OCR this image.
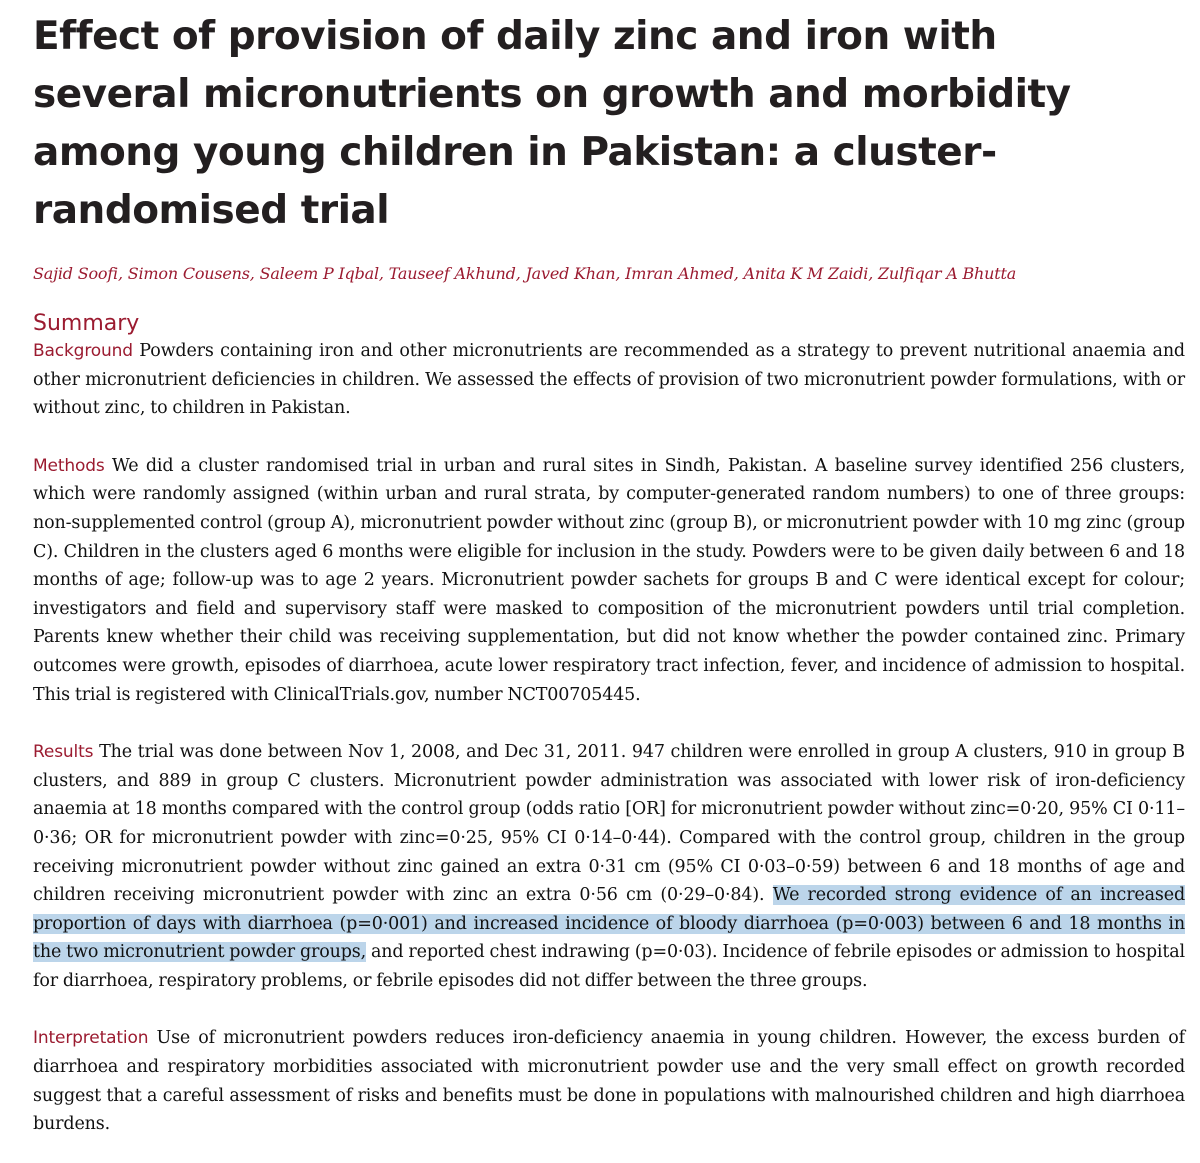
Effect of provision of daily zinc and iron with several micronutrients on growth and morbidity among young children in Pakistan: a cluster-randomised trial
Sajid Soofi, Simon Cousens, Saleem P Iqbal, Tauseef Akhund, Javed Khan, Imran Ahmed, Anita K M Zaidi, Zulfiqar A Bhutta
Summary

Background Powders containing iron and other micronutrients are recommended as a strategy to prevent nutritional anaemia and other micronutrient deficiencies in children. We assessed the effects of provision of two micronutrient powder formulations, with or without zinc, to children in Pakistan.

Methods We did a cluster randomised trial in urban and rural sites in Sindh, Pakistan. A baseline survey identified 256 clusters, which were randomly assigned (within urban and rural strata, by computer-generated random numbers) to one of three groups: non-supplemented control (group A), micronutrient powder without zinc (group B), or micronutrient powder with 10 mg zinc (group C). Children in the clusters aged 6 months were eligible for inclusion in the study. Powders were to be given daily between 6 and 18 months of age; follow-up was to age 2 years. Micronutrient powder sachets for groups B and C were identical except for colour; investigators and field and supervisory staff were masked to composition of the micronutrient powders until trial completion. Parents knew whether their child was receiving supplementation, but did not know whether the powder contained zinc. Primary outcomes were growth, episodes of diarrhoea, acute lower respiratory tract infection, fever, and incidence of admission to hospital. This trial is registered with ClinicalTrials.gov, number NCT00705445.

Results The trial was done between Nov 1, 2008, and Dec 31, 2011. 947 children were enrolled in group A clusters, 910 in group B clusters, and 889 in group C clusters. Micronutrient powder administration was associated with lower risk of iron-deficiency anaemia at 18 months compared with the control group (odds ratio [OR] for micronutrient powder without zinc=0·20, 95% CI 0·11–0·36; OR for micronutrient powder with zinc=0·25, 95% CI 0·14–0·44). Compared with the control group, children in the group receiving micronutrient powder without zinc gained an extra 0·31 cm (95% CI 0·03–0·59) between 6 and 18 months of age and children receiving micronutrient powder with zinc an extra 0·56 cm (0·29–0·84). We recorded strong evidence of an increased proportion of days with diarrhoea (p=0·001) and increased incidence of bloody diarrhoea (p=0·003) between 6 and 18 months in the two micronutrient powder groups, and reported chest indrawing (p=0·03). Incidence of febrile episodes or admission to hospital for diarrhoea, respiratory problems, or febrile episodes did not differ between the three groups.

Interpretation Use of micronutrient powders reduces iron-deficiency anaemia in young children. However, the excess burden of diarrhoea and respiratory morbidities associated with micronutrient powder use and the very small effect on growth recorded suggest that a careful assessment of risks and benefits must be done in populations with malnourished children and high diarrhoea burdens.
